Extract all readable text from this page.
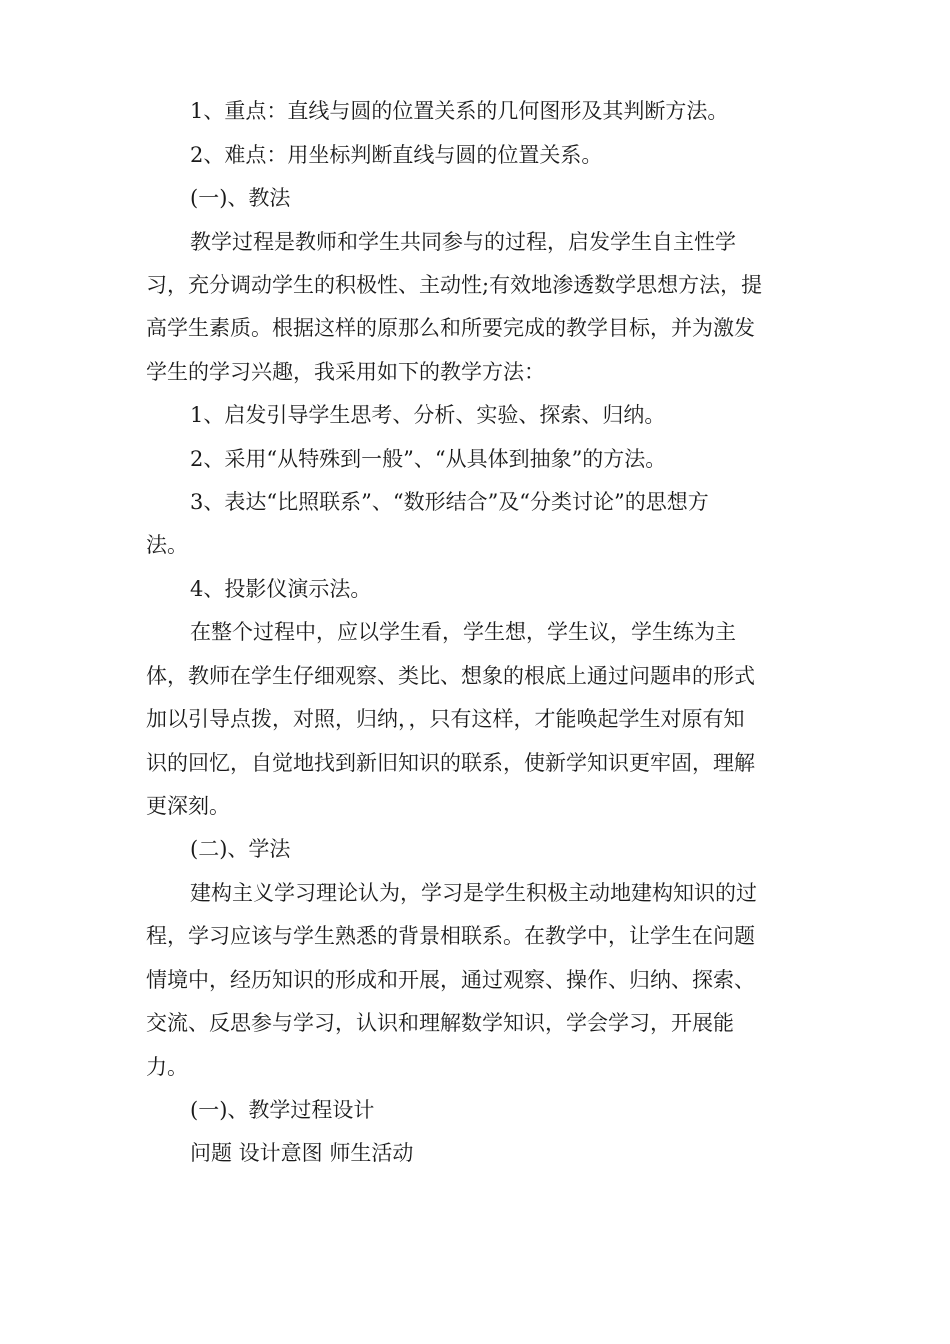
1、重点：直线与圆的位置关系的几何图形及其判断方法。
2、难点：用坐标判断直线与圆的位置关系。
(一)、教法
教学过程是教师和学生共同参与的过程，启发学生自主性学
习，充分调动学生的积极性、主动性;有效地渗透数学思想方法，提
高学生素质。根据这样的原那么和所要完成的教学目标，并为激发
学生的学习兴趣，我采用如下的教学方法：
1、启发引导学生思考、分析、实验、探索、归纳。
2、采用“从特殊到一般”、“从具体到抽象”的方法。
3、表达“比照联系”、“数形结合”及“分类讨论”的思想方
法。
4、投影仪演示法。
在整个过程中，应以学生看，学生想，学生议，学生练为主
体，教师在学生仔细观察、类比、想象的根底上通过问题串的形式
加以引导点拨，对照，归纳，，只有这样，才能唤起学生对原有知
识的回忆，自觉地找到新旧知识的联系，使新学知识更牢固，理解
更深刻。
(二)、学法
建构主义学习理论认为，学习是学生积极主动地建构知识的过
程，学习应该与学生熟悉的背景相联系。在教学中，让学生在问题
情境中，经历知识的形成和开展，通过观察、操作、归纳、探索、
交流、反思参与学习，认识和理解数学知识，学会学习，开展能
力。
(一)、教学过程设计
问题 设计意图 师生活动
